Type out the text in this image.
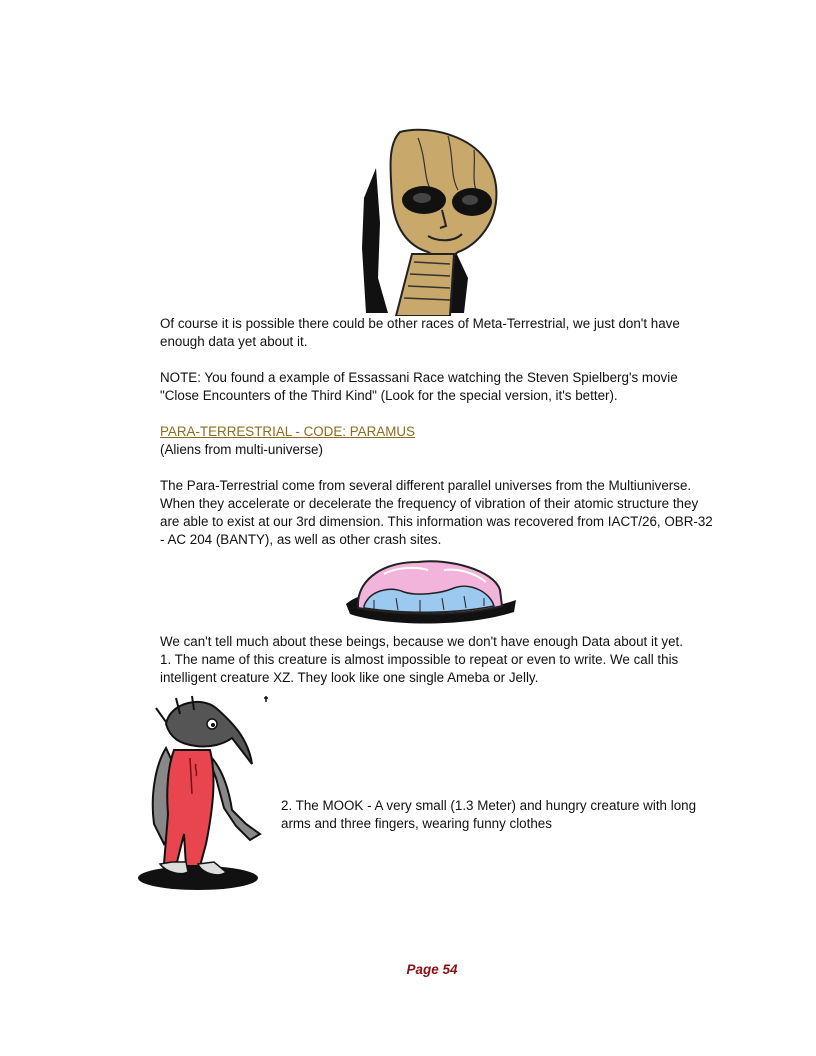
Of course it is possible there could be other races of Meta-Terrestrial, we just don't have enough data yet about it.

NOTE: You found a example of Essassani Race watching the Steven Spielberg's movie "Close Encounters of the Third Kind" (Look for the special version, it's better).

PARA-TERRESTRIAL - CODE: PARAMUS

(Aliens from multi-universe)

The Para-Terrestrial come from several different parallel universes from the Multiuniverse. When they accelerate or decelerate the frequency of vibration of their atomic structure they are able to exist at our 3rd dimension. This information was recovered from IACT/26, OBR-32 - AC 204 (BANTY), as well as other crash sites.

We can't tell much about these beings, because we don't have enough Data about it yet.

1. The name of this creature is almost impossible to repeat or even to write. We call this intelligent creature XZ. They look like one single Ameba or Jelly.

2. The MOOK - A very small (1.3 Meter) and hungry creature with long arms and three fingers, wearing funny clothes

Page 54
